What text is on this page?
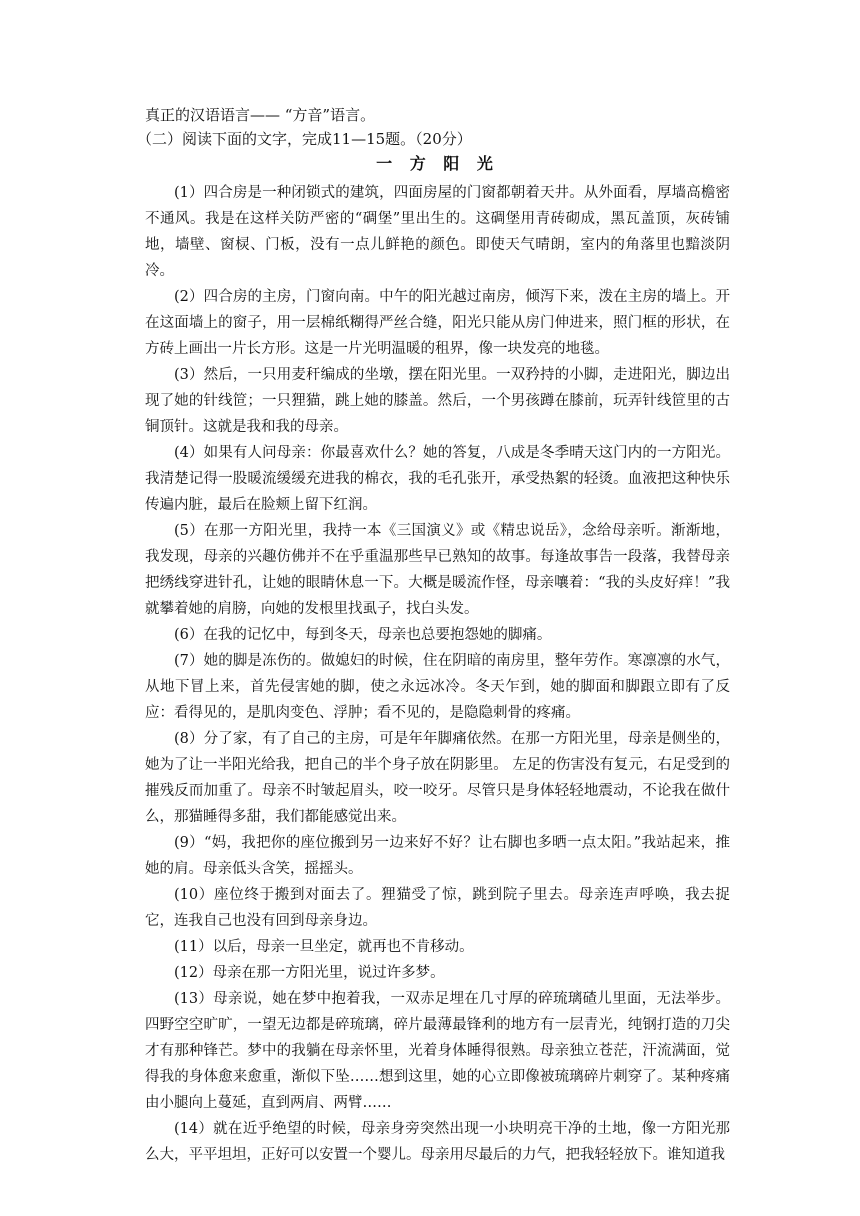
真正的汉语语言—— “方音”语言。
（二）阅读下面的文字，完成11—15题。（20分）
一 方 阳 光

(1）四合房是一种闭锁式的建筑，四面房屋的门窗都朝着天井。从外面看，厚墙高檐密不通风。我是在这样关防严密的“碉堡”里出生的。这碉堡用青砖砌成，黑瓦盖顶，灰砖铺地，墙壁、窗棂、门板，没有一点儿鲜艳的颜色。即使天气晴朗，室内的角落里也黯淡阴冷。

(2）四合房的主房，门窗向南。中午的阳光越过南房，倾泻下来，泼在主房的墙上。开在这面墙上的窗子，用一层棉纸糊得严丝合缝，阳光只能从房门伸进来，照门框的形状，在方砖上画出一片长方形。这是一片光明温暖的租界，像一块发亮的地毯。

(3）然后，一只用麦秆编成的坐墩，摆在阳光里。一双矜持的小脚，走进阳光，脚边出现了她的针线笸；一只狸猫，跳上她的膝盖。然后，一个男孩蹲在膝前，玩弄针线笸里的古铜顶针。这就是我和我的母亲。

(4）如果有人问母亲：你最喜欢什么？她的答复，八成是冬季晴天这门内的一方阳光。我清楚记得一股暖流缓缓充进我的棉衣，我的毛孔张开，承受热絮的轻烫。血液把这种快乐传遍内脏，最后在脸颊上留下红润。

(5）在那一方阳光里，我持一本《三国演义》或《精忠说岳》，念给母亲听。渐渐地，我发现，母亲的兴趣仿佛并不在乎重温那些早已熟知的故事。每逢故事告一段落，我替母亲把绣线穿进针孔，让她的眼睛休息一下。大概是暖流作怪，母亲嚷着：“我的头皮好痒！”我就攀着她的肩膀，向她的发根里找虱子，找白头发。

(6）在我的记忆中，每到冬天，母亲也总要抱怨她的脚痛。

(7）她的脚是冻伤的。做媳妇的时候，住在阴暗的南房里，整年劳作。寒凛凛的水气，从地下冒上来，首先侵害她的脚，使之永远冰冷。冬天乍到，她的脚面和脚跟立即有了反应：看得见的，是肌肉变色、浮肿；看不见的，是隐隐刺骨的疼痛。

(8）分了家，有了自己的主房，可是年年脚痛依然。在那一方阳光里，母亲是侧坐的，她为了让一半阳光给我，把自己的半个身子放在阴影里。 左足的伤害没有复元，右足受到的摧残反而加重了。母亲不时皱起眉头，咬一咬牙。尽管只是身体轻轻地震动，不论我在做什么，那猫睡得多甜，我们都能感觉出来。

(9）“妈，我把你的座位搬到另一边来好不好？让右脚也多晒一点太阳。”我站起来，推她的肩。母亲低头含笑，摇摇头。

(10）座位终于搬到对面去了。狸猫受了惊，跳到院子里去。母亲连声呼唤，我去捉它，连我自己也没有回到母亲身边。

(11）以后，母亲一旦坐定，就再也不肯移动。

(12）母亲在那一方阳光里，说过许多梦。

(13）母亲说，她在梦中抱着我，一双赤足埋在几寸厚的碎琉璃碴儿里面，无法举步。四野空空旷旷，一望无边都是碎琉璃，碎片最薄最锋利的地方有一层青光，纯钢打造的刀尖才有那种锋芒。梦中的我躺在母亲怀里，光着身体睡得很熟。母亲独立苍茫，汗流满面，觉得我的身体愈来愈重，渐似下坠……想到这里，她的心立即像被琉璃碎片刺穿了。某种疼痛由小腿向上蔓延，直到两肩、两臂……

(14）就在近乎绝望的时候，母亲身旁突然出现一小块明亮干净的土地，像一方阳光那么大，平平坦坦，正好可以安置一个婴儿。母亲用尽最后的力气，把我轻轻放下。谁知道我
